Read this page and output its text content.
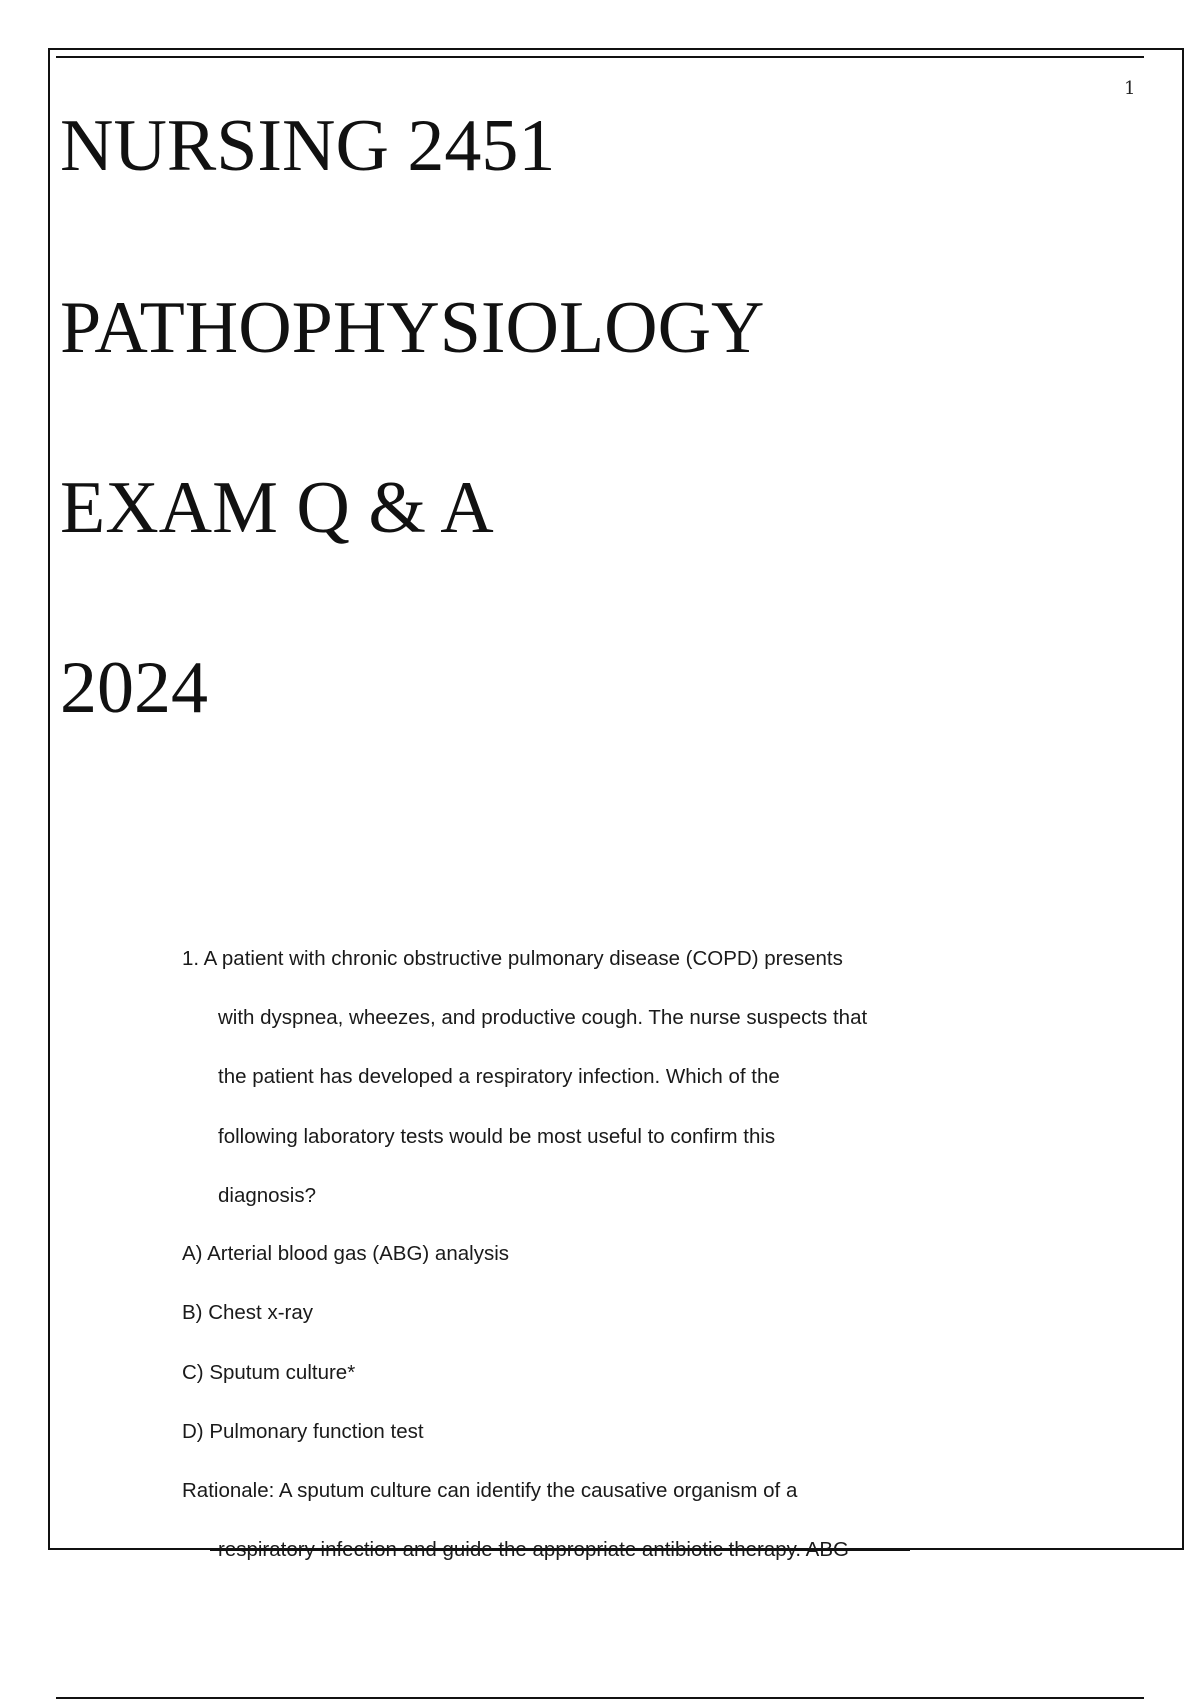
1
NURSING 2451
PATHOPHYSIOLOGY
EXAM Q & A
2024
1. A patient with chronic obstructive pulmonary disease (COPD) presents
with dyspnea, wheezes, and productive cough. The nurse suspects that
the patient has developed a respiratory infection. Which of the
following laboratory tests would be most useful to confirm this
diagnosis?
A) Arterial blood gas (ABG) analysis
B) Chest x-ray
C) Sputum culture*
D) Pulmonary function test
Rationale: A sputum culture can identify the causative organism of a
respiratory infection and guide the appropriate antibiotic therapy. ABG
